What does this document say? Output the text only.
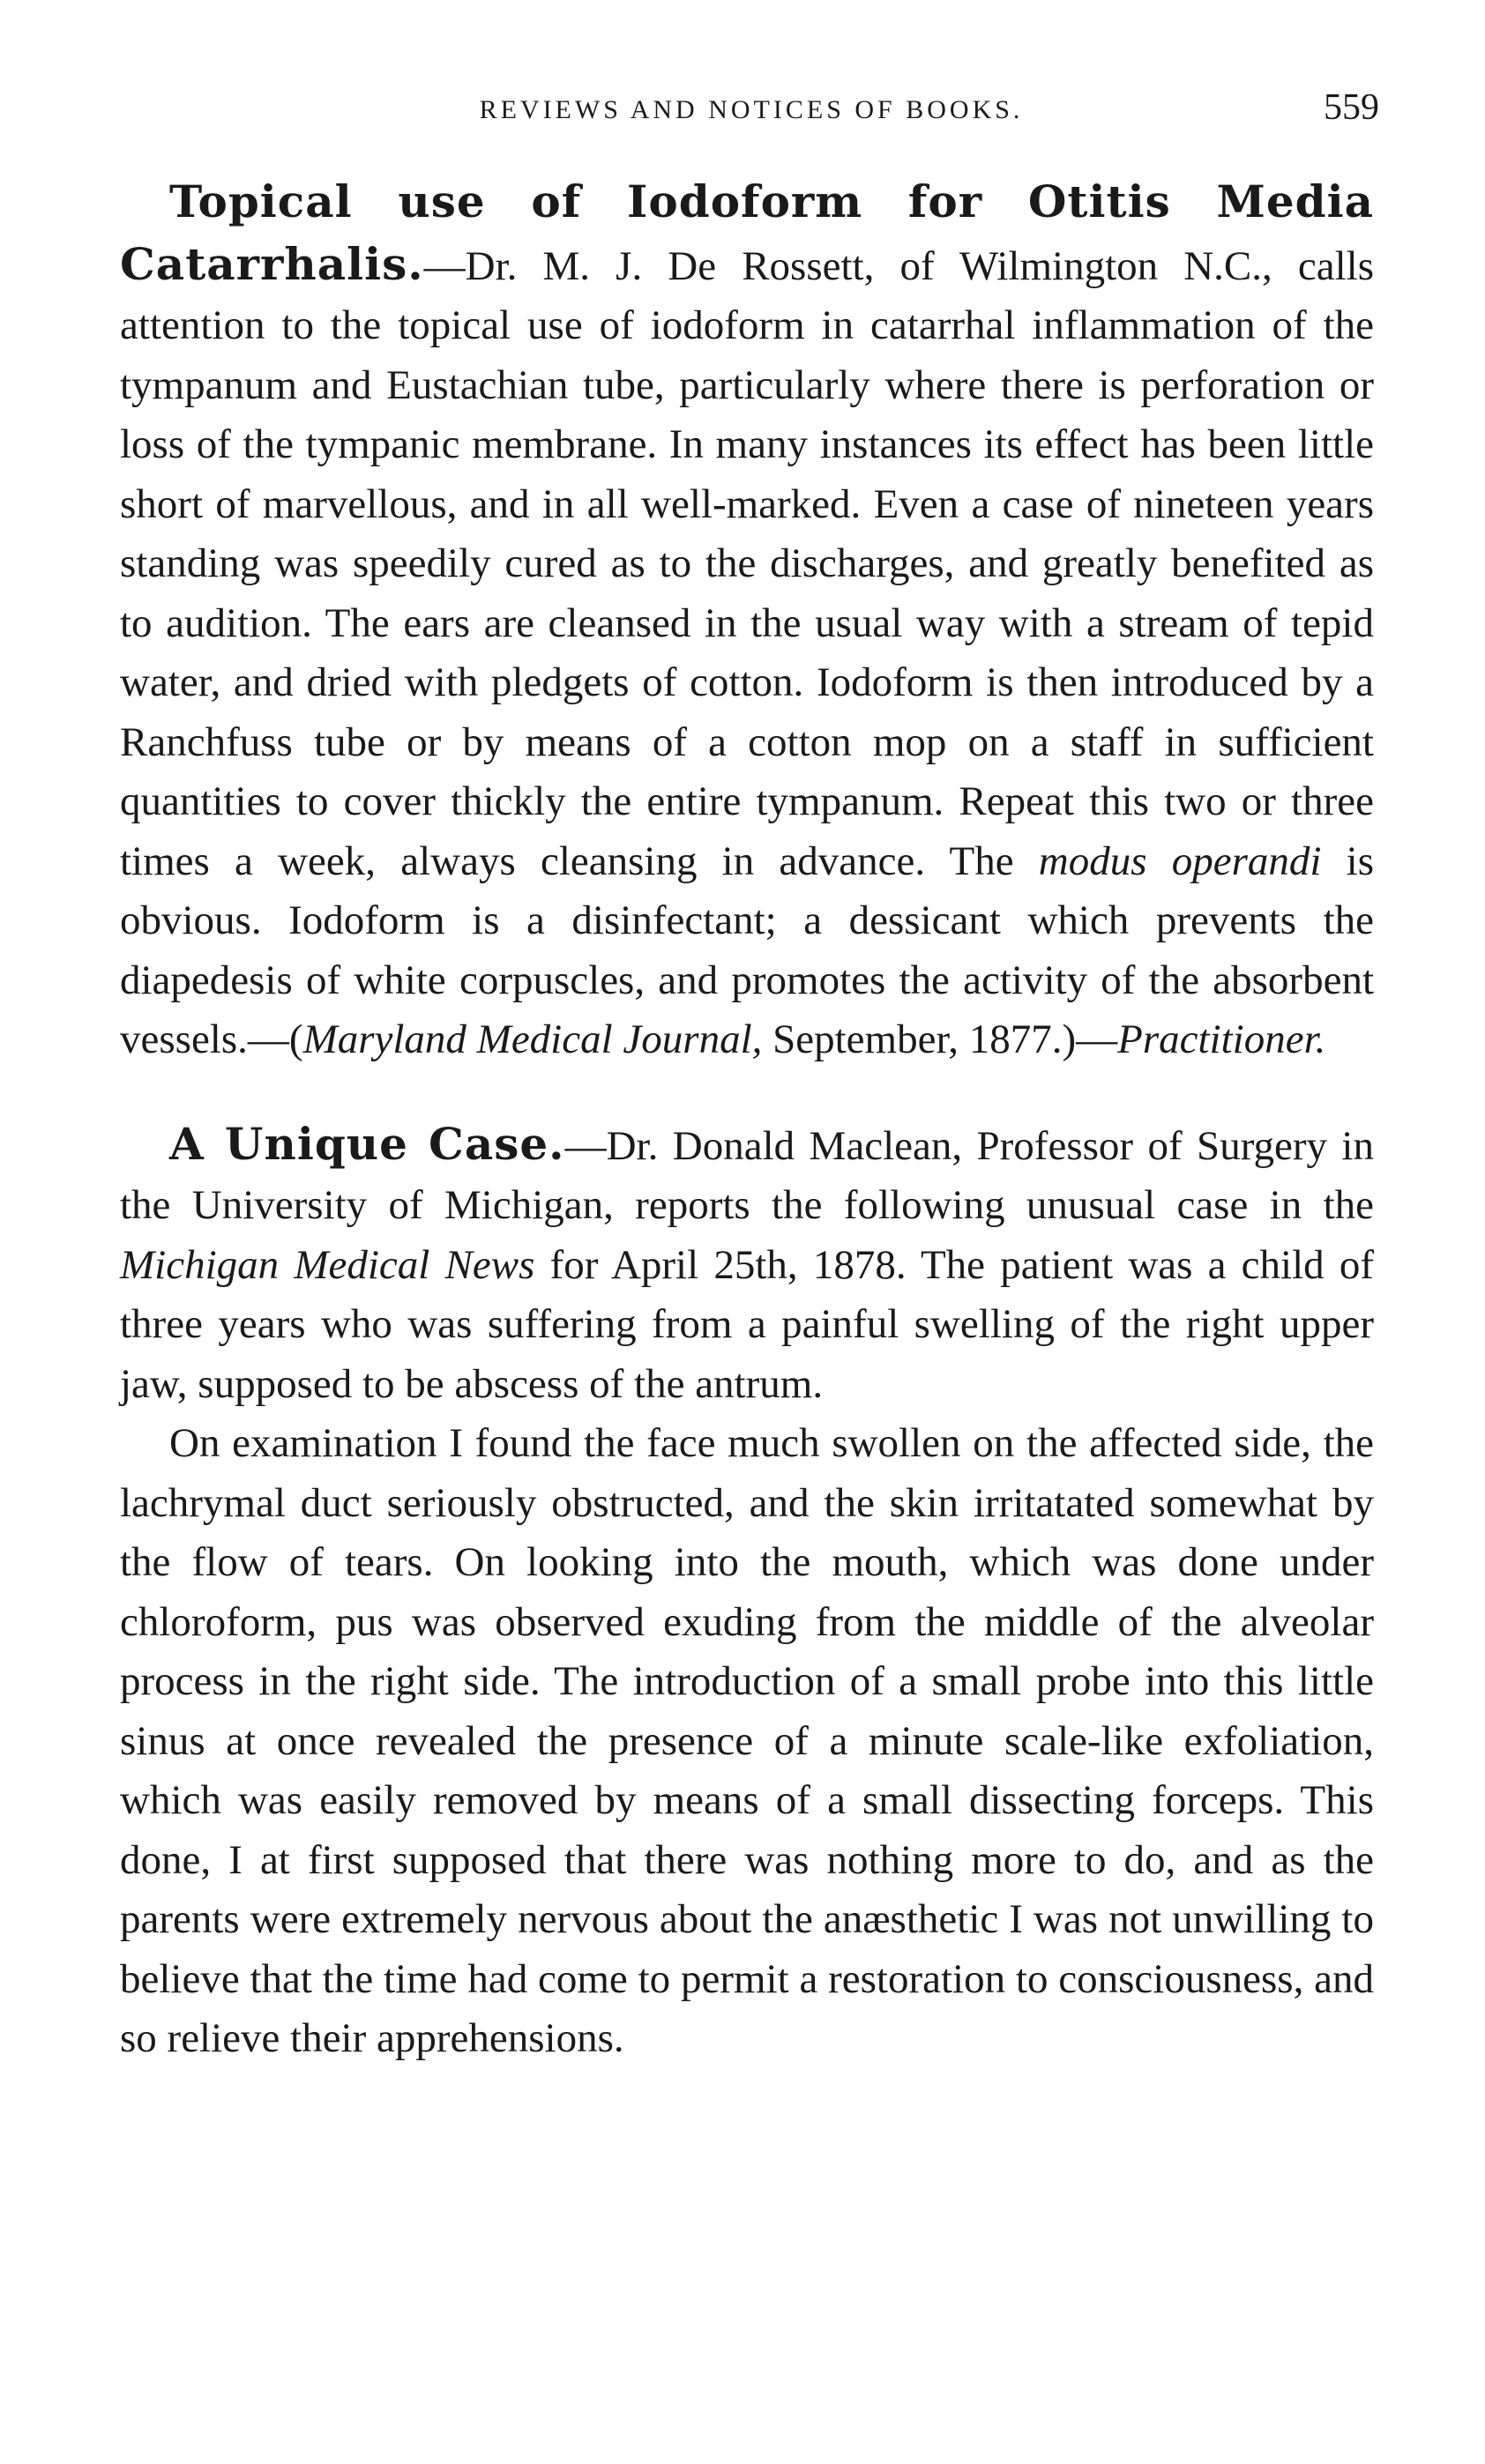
REVIEWS AND NOTICES OF BOOKS.	559

Topical use of Iodoform for Otitis Media Catarrhalis.—Dr. M. J. De Rossett, of Wilmington N.C., calls attention to the topical use of iodoform in catarrhal inflammation of the tympanum and Eustachian tube, particularly where there is perforation or loss of the tympanic membrane. In many instances its effect has been little short of marvellous, and in all well-marked. Even a case of nineteen years standing was speedily cured as to the discharges, and greatly benefited as to audition. The ears are cleansed in the usual way with a stream of tepid water, and dried with pledgets of cotton. Iodoform is then introduced by a Ranchfuss tube or by means of a cotton mop on a staff in sufficient quantities to cover thickly the entire tympanum. Repeat this two or three times a week, always cleansing in advance. The modus operandi is obvious. Iodoform is a disinfectant; a dessicant which prevents the diapedesis of white corpuscles, and promotes the activity of the absorbent vessels.—(Maryland Medical Journal, September, 1877.)—Practitioner.

A Unique Case.—Dr. Donald Maclean, Professor of Surgery in the University of Michigan, reports the following unusual case in the Michigan Medical News for April 25th, 1878. The patient was a child of three years who was suffering from a painful swelling of the right upper jaw, supposed to be abscess of the antrum.

On examination I found the face much swollen on the affected side, the lachrymal duct seriously obstructed, and the skin irritatated somewhat by the flow of tears. On looking into the mouth, which was done under chloroform, pus was observed exuding from the middle of the alveolar process in the right side. The introduction of a small probe into this little sinus at once revealed the presence of a minute scale-like exfoliation, which was easily removed by means of a small dissecting forceps. This done, I at first supposed that there was nothing more to do, and as the parents were extremely nervous about the anæsthetic I was not unwilling to believe that the time had come to permit a restoration to consciousness, and so relieve their apprehensions.
